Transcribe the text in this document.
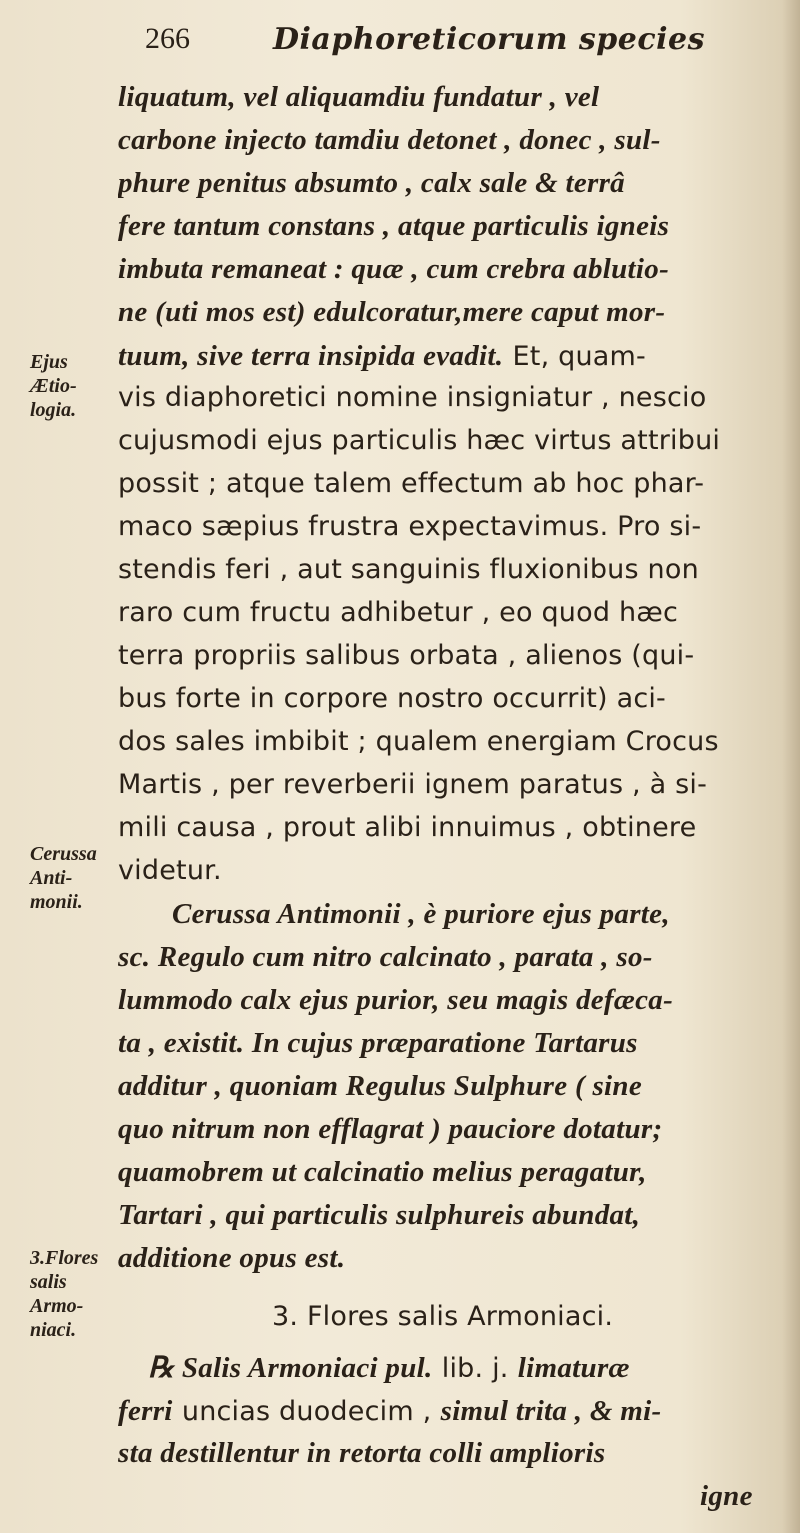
266	Diaphoreticorum species
Ejus
Ætio-
logia.
Cerussa
Anti-
monii.
3.Flores
salis
Armo-
niaci.
liquatum, vel aliquamdiu fundatur , vel
carbone injecto tamdiu detonet , donec , sul-
phure penitus absumto , calx sale & terrâ
fere tantum constans , atque particulis igneis
imbuta remaneat : quæ , cum crebra ablutio-
ne (uti mos est) edulcoratur,mere caput mor-
tuum, sive terra insipida evadit. Et, quam-
vis diaphoretici nomine insigniatur , nescio
cujusmodi ejus particulis hæc virtus attribui
possit ; atque talem effectum ab hoc phar-
maco sæpius frustra expectavimus. Pro si-
stendis feri , aut sanguinis fluxionibus non
raro cum fructu adhibetur , eo quod hæc
terra propriis salibus orbata , alienos (qui-
bus forte in corpore nostro occurrit) aci-
dos sales imbibit ; qualem energiam Crocus
Martis , per reverberii ignem paratus , à si-
mili causa , prout alibi innuimus , obtinere
videtur.
Cerussa Antimonii , è puriore ejus parte,
sc. Regulo cum nitro calcinato , parata , so-
lummodo calx ejus purior, seu magis defæca-
ta , existit. In cujus præparatione Tartarus
additur , quoniam Regulus Sulphure ( sine
quo nitrum non efflagrat ) pauciore dotatur;
quamobrem ut calcinatio melius peragatur,
Tartari , qui particulis sulphureis abundat,
additione opus est.
3. Flores salis Armoniaci.
℞ Salis Armoniaci pul. lib. j. limaturæ
ferri uncias duodecim , simul trita , & mi-
sta destillentur in retorta colli amplioris
igne
